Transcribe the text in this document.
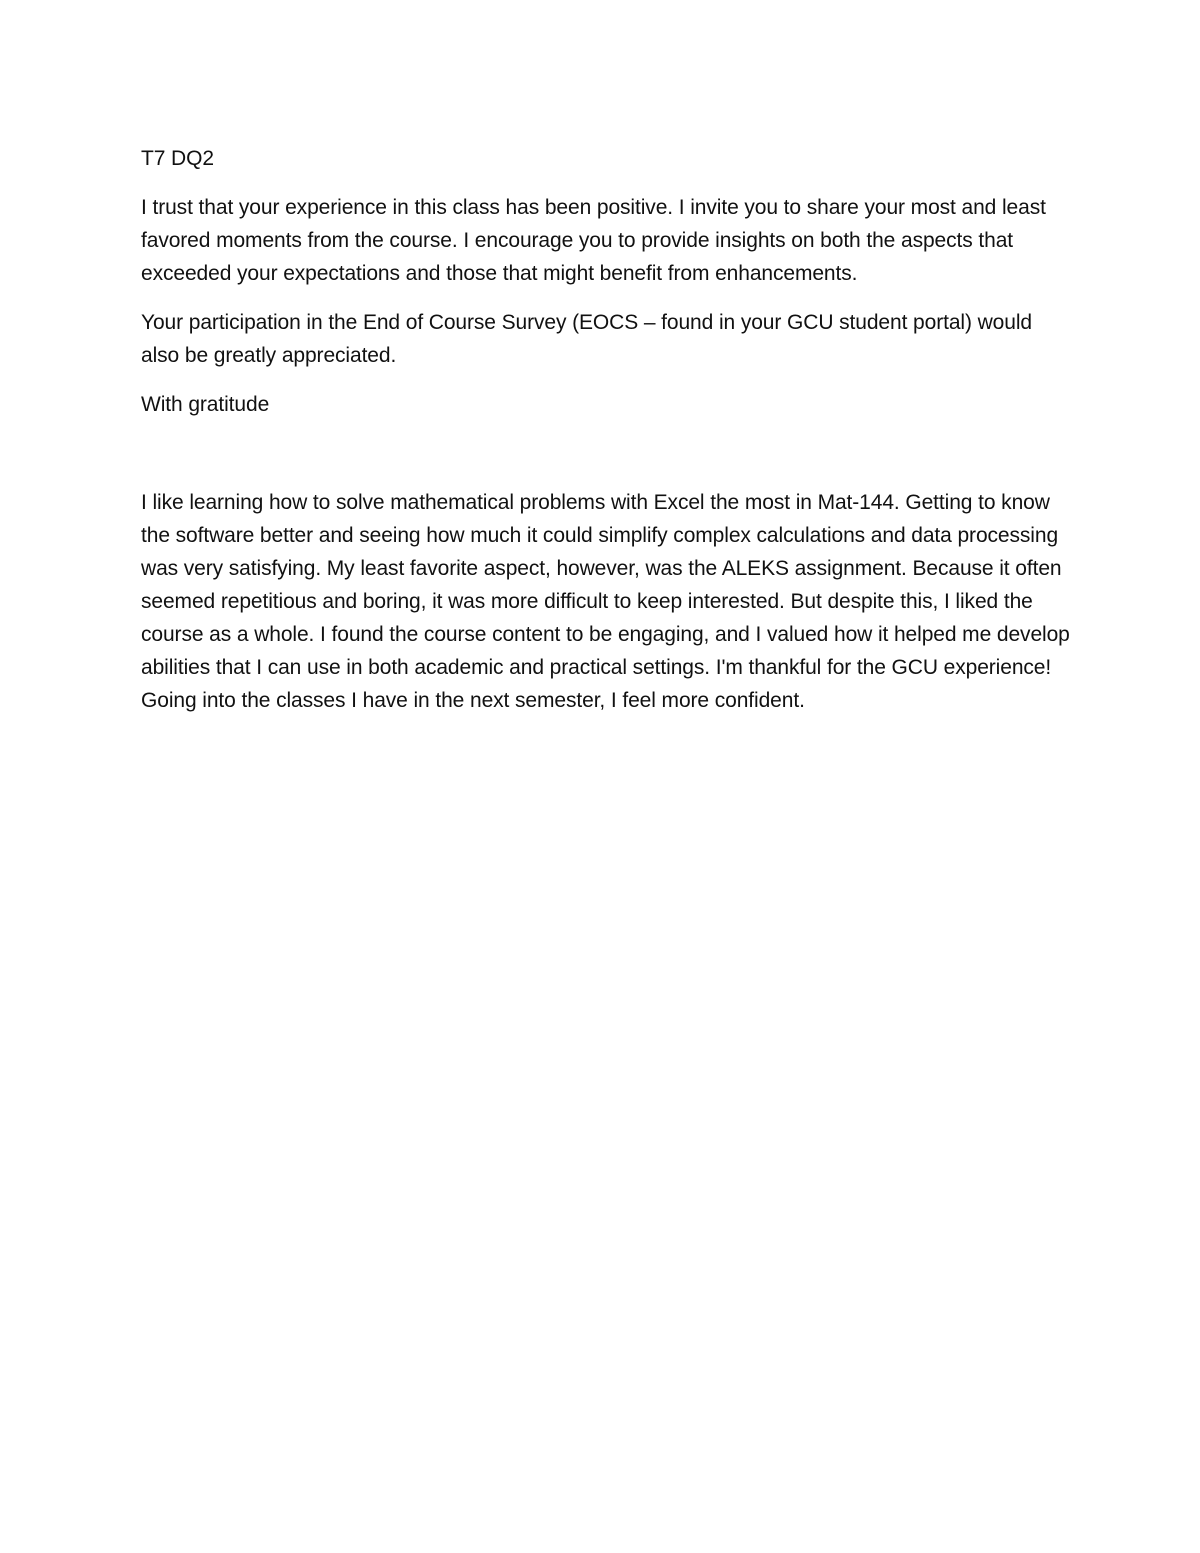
T7 DQ2

I trust that your experience in this class has been positive. I invite you to share your most and least favored moments from the course. I encourage you to provide insights on both the aspects that exceeded your expectations and those that might benefit from enhancements.

Your participation in the End of Course Survey (EOCS – found in your GCU student portal) would also be greatly appreciated.

With gratitude

I like learning how to solve mathematical problems with Excel the most in Mat-144. Getting to know the software better and seeing how much it could simplify complex calculations and data processing was very satisfying. My least favorite aspect, however, was the ALEKS assignment. Because it often seemed repetitious and boring, it was more difficult to keep interested. But despite this, I liked the course as a whole. I found the course content to be engaging, and I valued how it helped me develop abilities that I can use in both academic and practical settings. I'm thankful for the GCU experience! Going into the classes I have in the next semester, I feel more confident.
